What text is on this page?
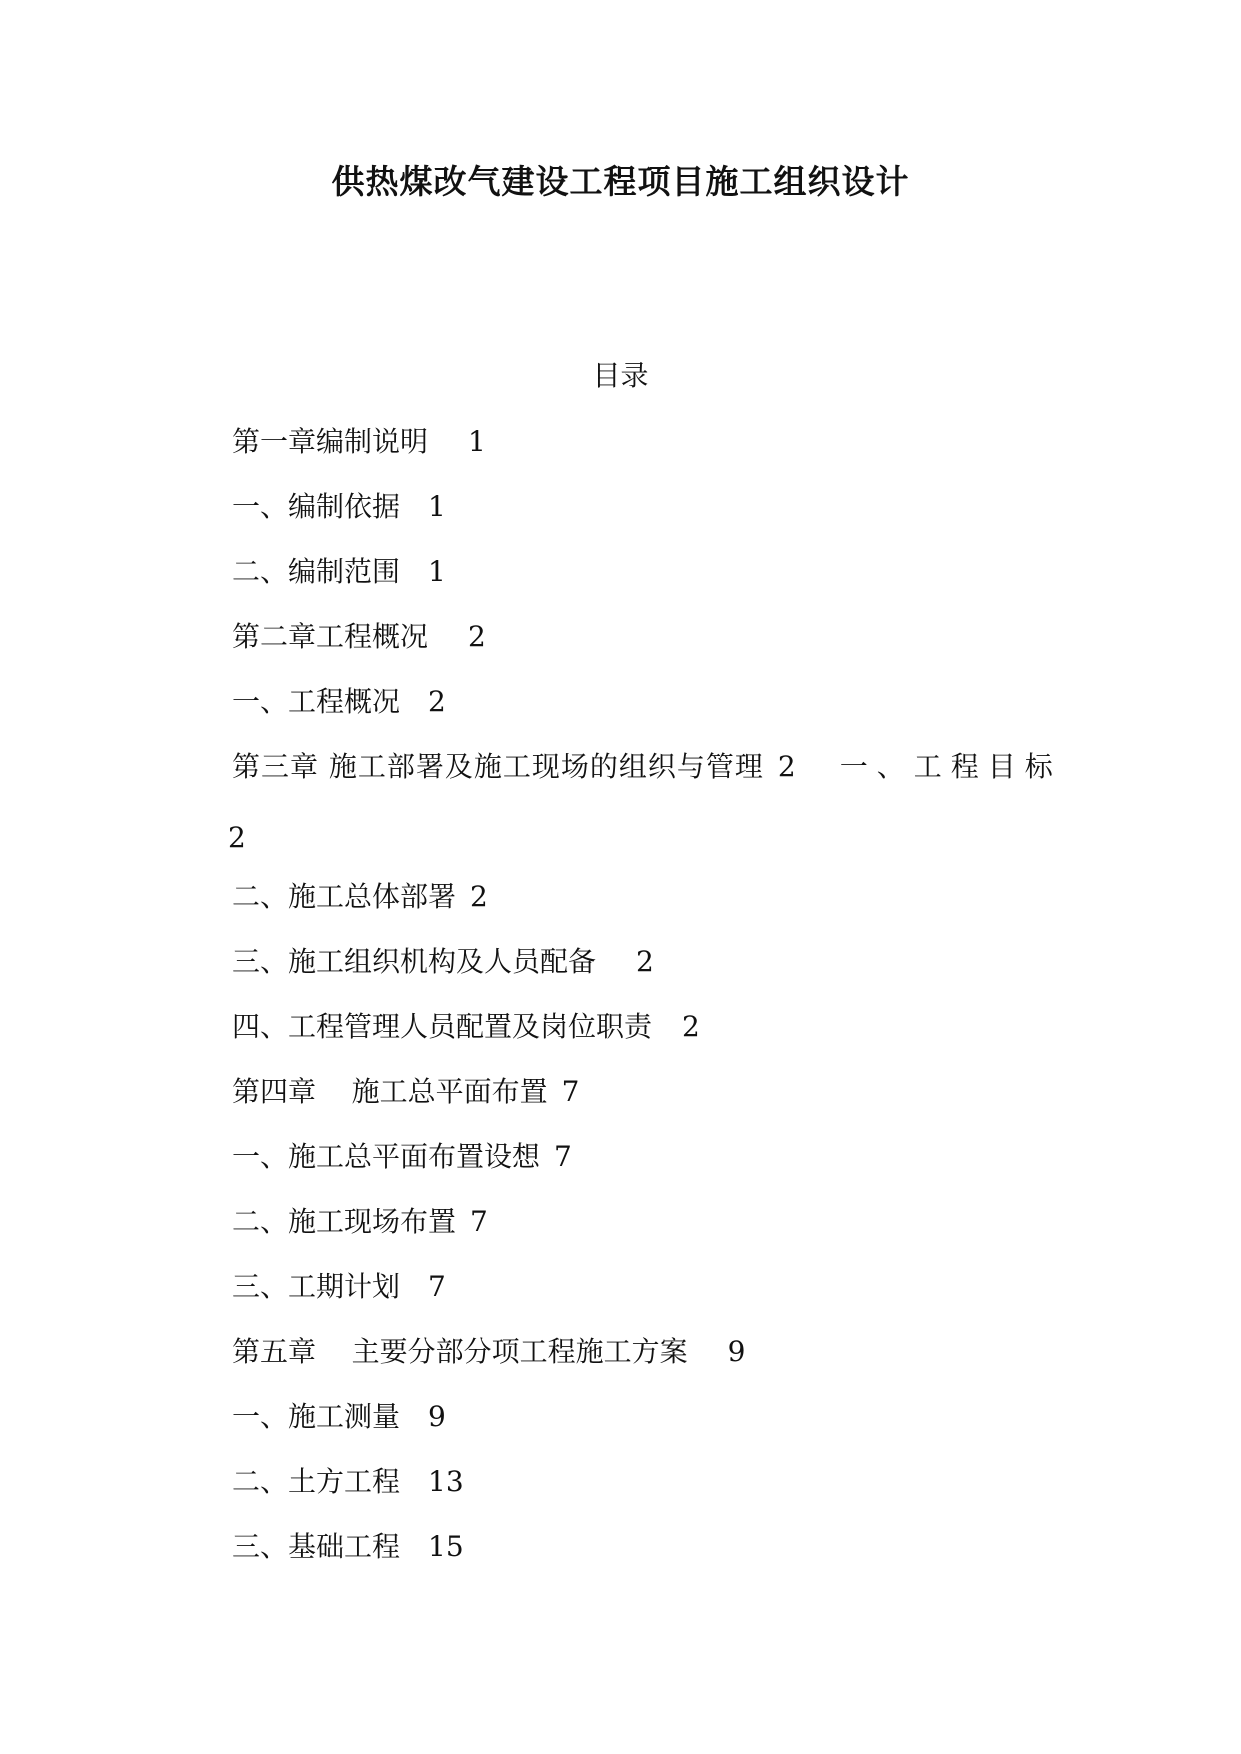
供热煤改气建设工程项目施工组织设计
目录
第一章编制说明 1
一、编制依据 1
二、编制范围 1
第二章工程概况 2
一、工程概况 2
第三章 施工部署及施工现场的组织与管理 2 一、工程目标
二、施工总体部署 2
三、施工组织机构及人员配备 2
四、工程管理人员配置及岗位职责 2
第四章    施工总平面布置 7
一、施工总平面布置设想 7
二、施工现场布置 7
三、工期计划 7
第五章    主要分部分项工程施工方案 9
一、施工测量 9
二、土方工程 13
三、基础工程 15
2
